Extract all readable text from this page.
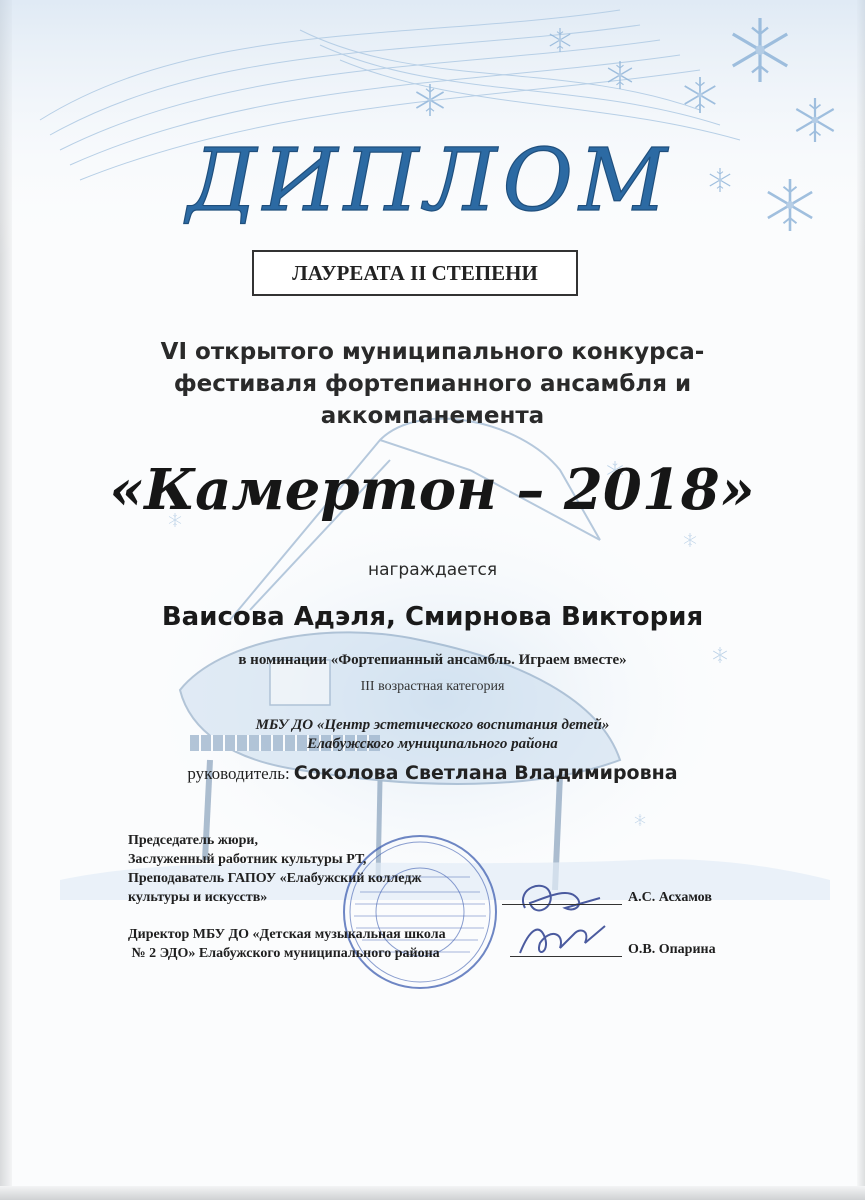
ДИПЛОМ
ЛАУРЕАТА II СТЕПЕНИ
VI открытого муниципального конкурса-
фестиваля фортепианного ансамбля и
аккомпанемента
«Камертон – 2018»
награждается
Ваисова Адэля, Смирнова Виктория
в номинации «Фортепианный ансамбль. Играем вместе»
III возрастная категория
МБУ ДО «Центр эстетического воспитания детей»
Елабужского муниципального района
руководитель: Соколова Светлана Владимировна
Председатель жюри,
Заслуженный работник культуры РТ,
Преподаватель ГАПОУ «Елабужский колледж
культуры и искусств»	А.С. Асхамов
Директор МБУ ДО «Детская музыкальная школа
№ 2 ЭДО» Елабужского муниципального района	О.В. Опарина
